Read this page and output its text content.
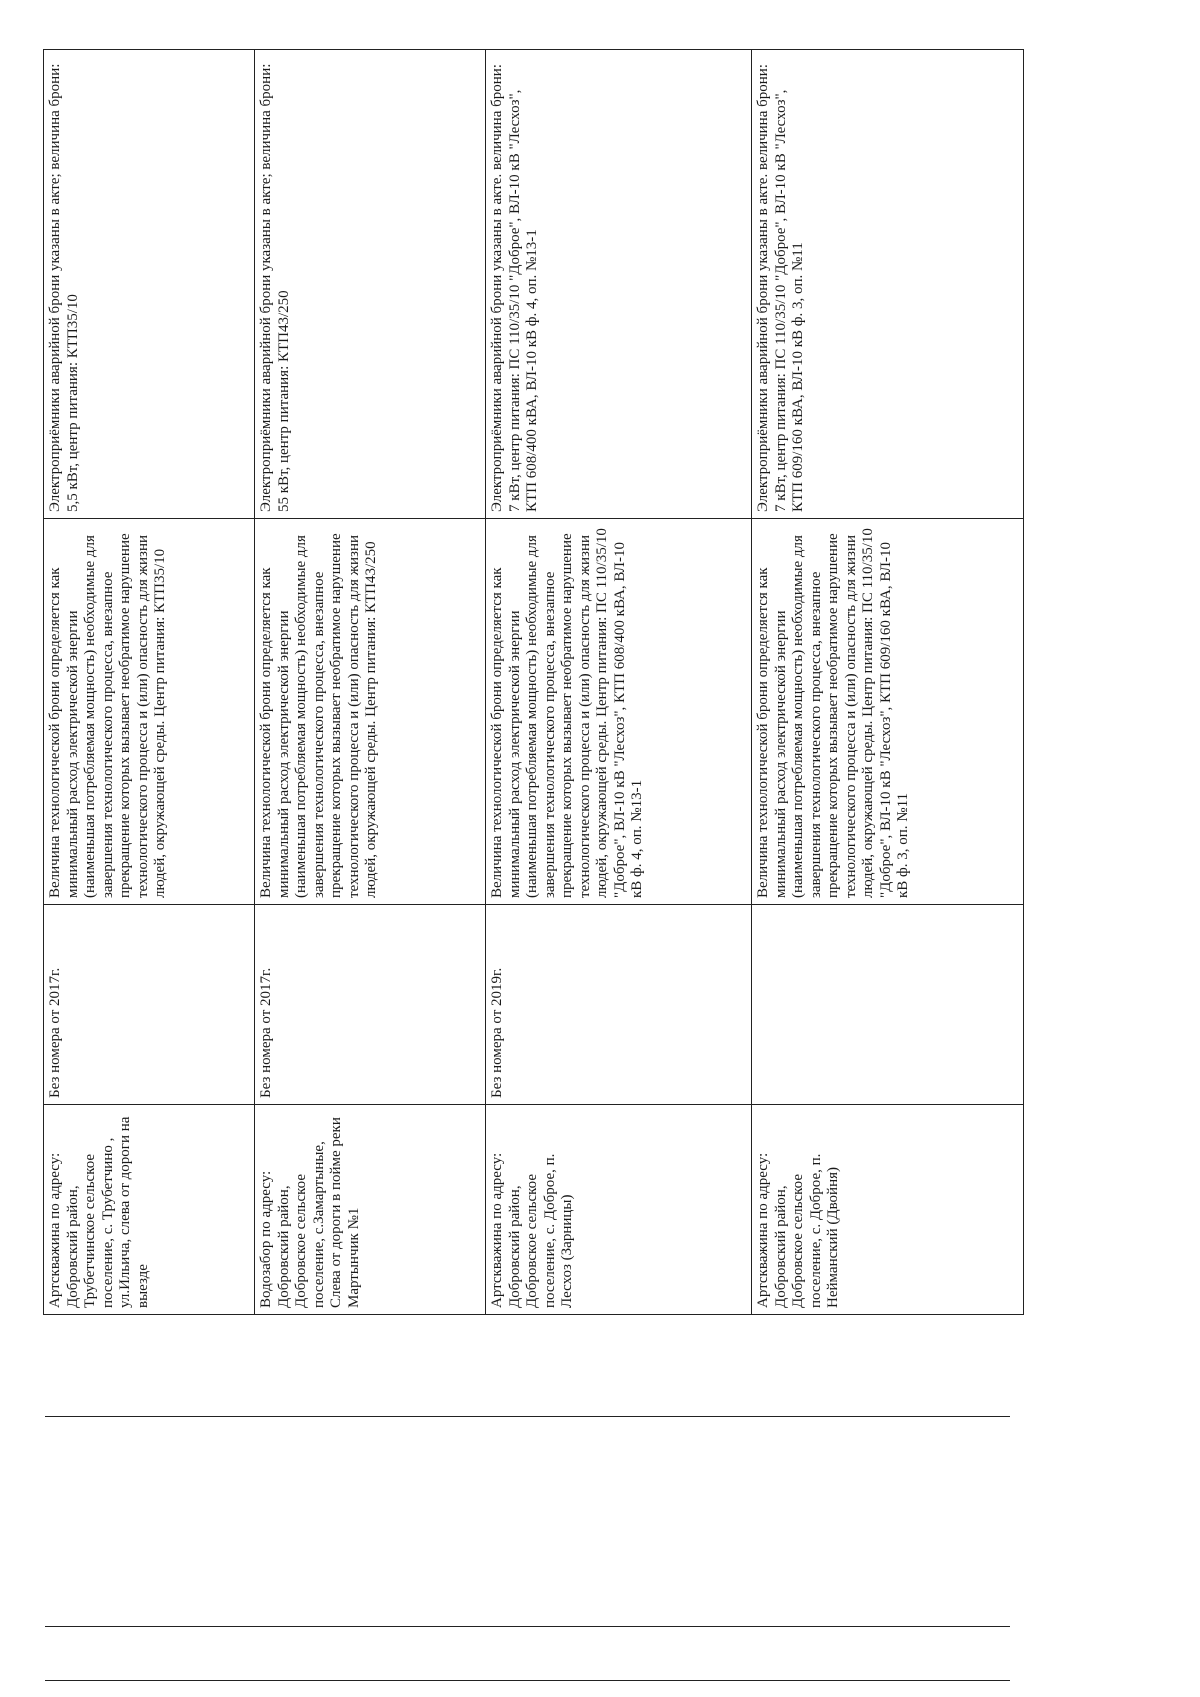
Артскважина по адресу: Добровский район, Трубетчинское сельское поселение, с. Трубетчино , ул.Ильича, слева от дороги на выезде	Без номера от 2017г.	Величина технологической брони определяется как минимальный расход электрической энергии (наименьшая потребляемая мощность) необходимые для завершения технологического процесса, внезапное прекращение которых вызывает необратимое нарушение технологического процесса и (или) опасность для жизни людей, окружающей среды. Центр питания: КТП35/10	Электроприёмники аварийной брони указаны в акте; величина брони: 5,5 кВт, центр питания: КТП35/10
Водозабор по адресу: Добровский район, Добровское сельское поселение, с.Замартыные, Слева от дороги в пойме реки Мартынчик №1	Без номера от 2017г.	Величина технологической брони определяется как минимальный расход электрической энергии (наименьшая потребляемая мощность) необходимые для завершения технологического процесса, внезапное прекращение которых вызывает необратимое нарушение технологического процесса и (или) опасность для жизни людей, окружающей среды. Центр питания: КТП43/250	Электроприёмники аварийной брони указаны в акте; величина брони: 55 кВт, центр питания: КТП43/250
Артскважина по адресу: Добровский район, Добровское сельское поселение, с. Доброе, п. Лесхоз (Зарницы)	Без номера от 2019г.	Величина технологической брони определяется как минимальный расход электрической энергии (наименьшая потребляемая мощность) необходимые для завершения технологического процесса, внезапное прекращение которых вызывает необратимое нарушение технологического процесса и (или) опасность для жизни людей, окружающей среды. Центр питания: ПС 110/35/10 "Доброе", ВЛ-10 кВ "Лесхоз", КТП 608/400 кВА, ВЛ-10 кВ ф. 4, оп. №13-1	Электроприёмники аварийной брони указаны в акте. величина брони: 7 кВт, центр питания: ПС 110/35/10 "Доброе", ВЛ-10 кВ "Лесхоз", КТП 608/400 кВА, ВЛ-10 кВ ф. 4, оп. №13-1
Артскважина по адресу: Добровский район, Добровское сельское поселение, с. Доброе, п. Нейманский (Двойня)		Величина технологической брони определяется как минимальный расход электрической энергии (наименьшая потребляемая мощность) необходимые для завершения технологического процесса, внезапное прекращение которых вызывает необратимое нарушение технологического процесса и (или) опасность для жизни людей, окружающей среды. Центр питания: ПС 110/35/10 "Доброе", ВЛ-10 кВ "Лесхоз", КТП 609/160 кВА, ВЛ-10 кВ ф. 3, оп. №11	Электроприёмники аварийной брони указаны в акте. величина брони: 7 кВт, центр питания: ПС 110/35/10 "Доброе", ВЛ-10 кВ "Лесхоз", КТП 609/160 кВА, ВЛ-10 кВ ф. 3, оп. №11
